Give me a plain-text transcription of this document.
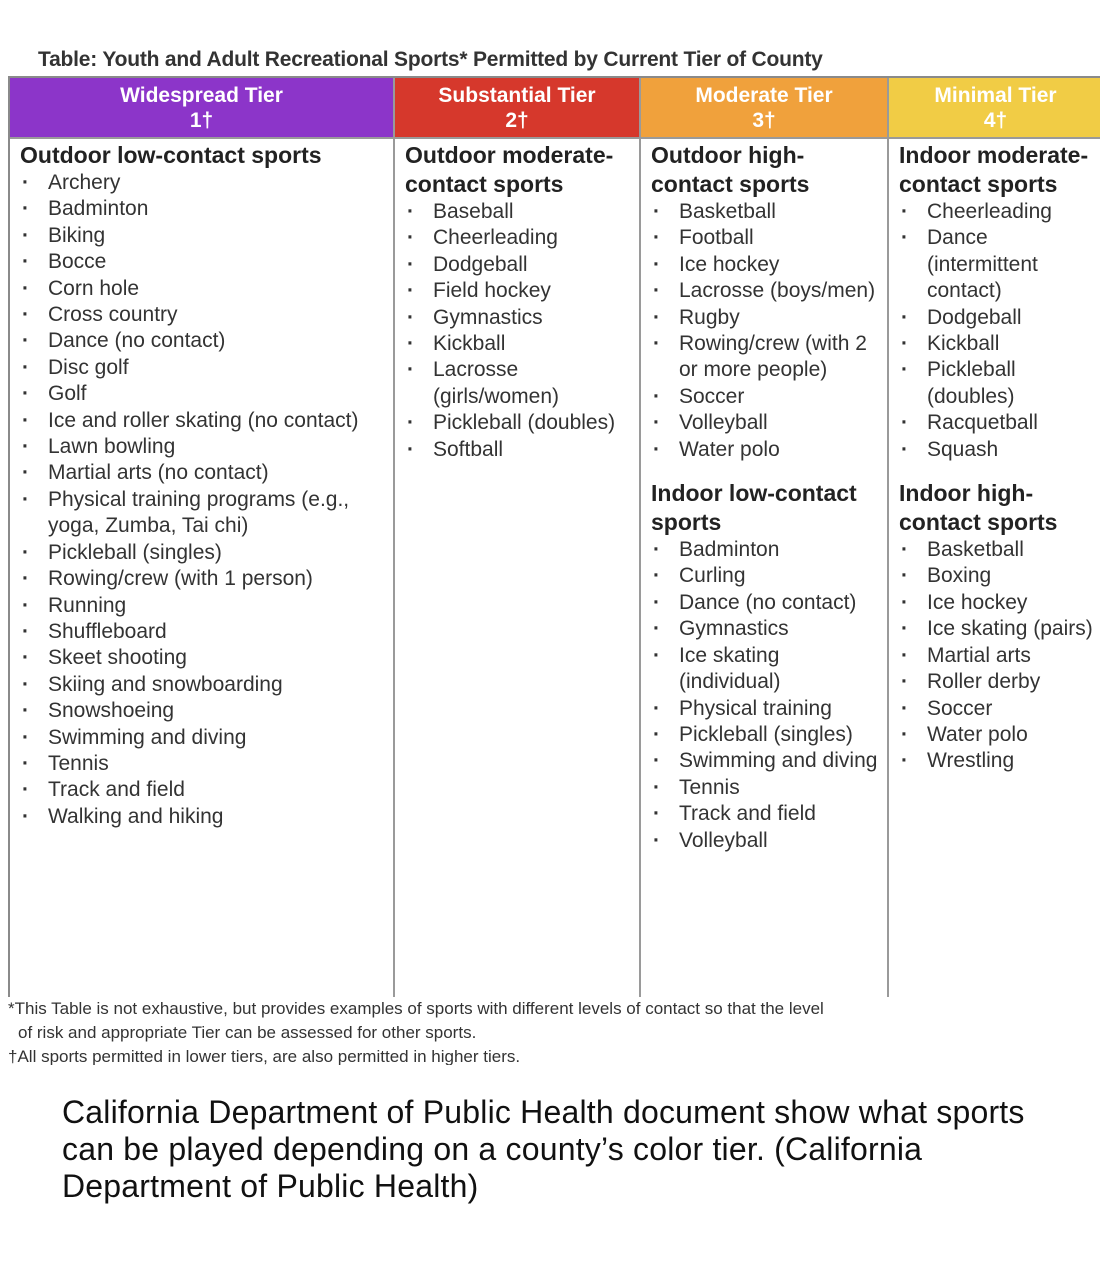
Table: Youth and Adult Recreational Sports* Permitted by Current Tier of County
Widespread Tier
1†
Substantial Tier
2†
Moderate Tier
3†
Minimal Tier
4†
Outdoor low-contact sports
· Archery
· Badminton
· Biking
· Bocce
· Corn hole
· Cross country
· Dance (no contact)
· Disc golf
· Golf
· Ice and roller skating (no contact)
· Lawn bowling
· Martial arts (no contact)
· Physical training programs (e.g., yoga, Zumba, Tai chi)
· Pickleball (singles)
· Rowing/crew (with 1 person)
· Running
· Shuffleboard
· Skeet shooting
· Skiing and snowboarding
· Snowshoeing
· Swimming and diving
· Tennis
· Track and field
· Walking and hiking
Outdoor moderate-contact sports
· Baseball
· Cheerleading
· Dodgeball
· Field hockey
· Gymnastics
· Kickball
· Lacrosse (girls/women)
· Pickleball (doubles)
· Softball
Outdoor high-contact sports
· Basketball
· Football
· Ice hockey
· Lacrosse (boys/men)
· Rugby
· Rowing/crew (with 2 or more people)
· Soccer
· Volleyball
· Water polo
Indoor low-contact sports
· Badminton
· Curling
· Dance (no contact)
· Gymnastics
· Ice skating (individual)
· Physical training
· Pickleball (singles)
· Swimming and diving
· Tennis
· Track and field
· Volleyball
Indoor moderate-contact sports
· Cheerleading
· Dance (intermittent contact)
· Dodgeball
· Kickball
· Pickleball (doubles)
· Racquetball
· Squash
Indoor high-contact sports
· Basketball
· Boxing
· Ice hockey
· Ice skating (pairs)
· Martial arts
· Roller derby
· Soccer
· Water polo
· Wrestling
*This Table is not exhaustive, but provides examples of sports with different levels of contact so that the level
of risk and appropriate Tier can be assessed for other sports.
†All sports permitted in lower tiers, are also permitted in higher tiers.
California Department of Public Health document show what sports can be played depending on a county’s color tier. (California Department of Public Health)
